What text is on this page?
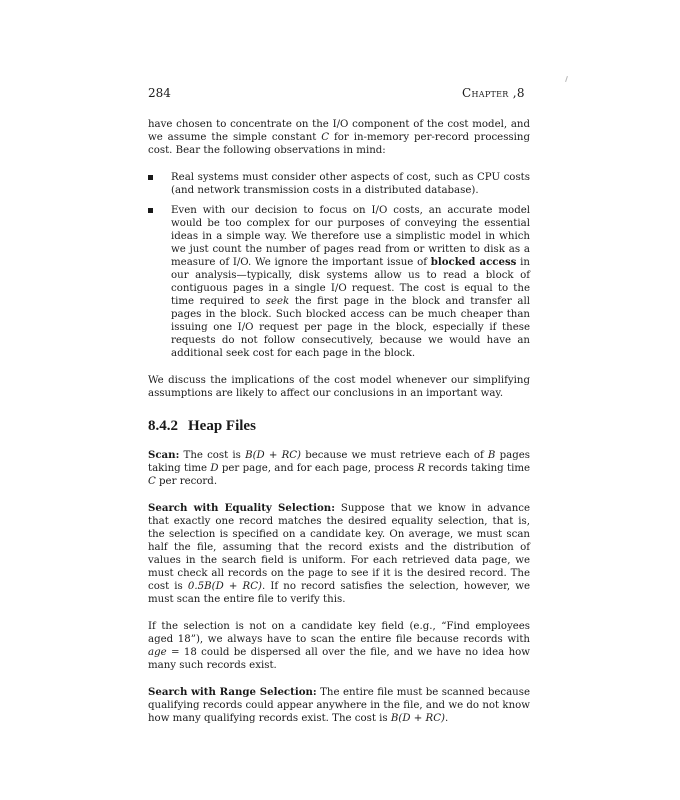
284	Chapter ,8

have chosen to concentrate on the I/O component of the cost model, and we assume the simple constant C for in-memory per-record processing cost. Bear the following observations in mind:

Real systems must consider other aspects of cost, such as CPU costs (and network transmission costs in a distributed database).
Even with our decision to focus on I/O costs, an accurate model would be too complex for our purposes of conveying the essential ideas in a simple way. We therefore use a simplistic model in which we just count the number of pages read from or written to disk as a measure of I/O. We ignore the important issue of blocked access in our analysis—typically, disk systems allow us to read a block of contiguous pages in a single I/O request. The cost is equal to the time required to seek the first page in the block and transfer all pages in the block. Such blocked access can be much cheaper than issuing one I/O request per page in the block, especially if these requests do not follow consecutively, because we would have an additional seek cost for each page in the block.

We discuss the implications of the cost model whenever our simplifying assumptions are likely to affect our conclusions in an important way.

8.4.2 Heap Files

Scan: The cost is B(D + RC) because we must retrieve each of B pages taking time D per page, and for each page, process R records taking time C per record.

Search with Equality Selection: Suppose that we know in advance that exactly one record matches the desired equality selection, that is, the selection is specified on a candidate key. On average, we must scan half the file, assuming that the record exists and the distribution of values in the search field is uniform. For each retrieved data page, we must check all records on the page to see if it is the desired record. The cost is 0.5B(D + RC). If no record satisfies the selection, however, we must scan the entire file to verify this.

If the selection is not on a candidate key field (e.g., “Find employees aged 18”), we always have to scan the entire file because records with age = 18 could be dispersed all over the file, and we have no idea how many such records exist.

Search with Range Selection: The entire file must be scanned because qualifying records could appear anywhere in the file, and we do not know how many qualifying records exist. The cost is B(D + RC).
